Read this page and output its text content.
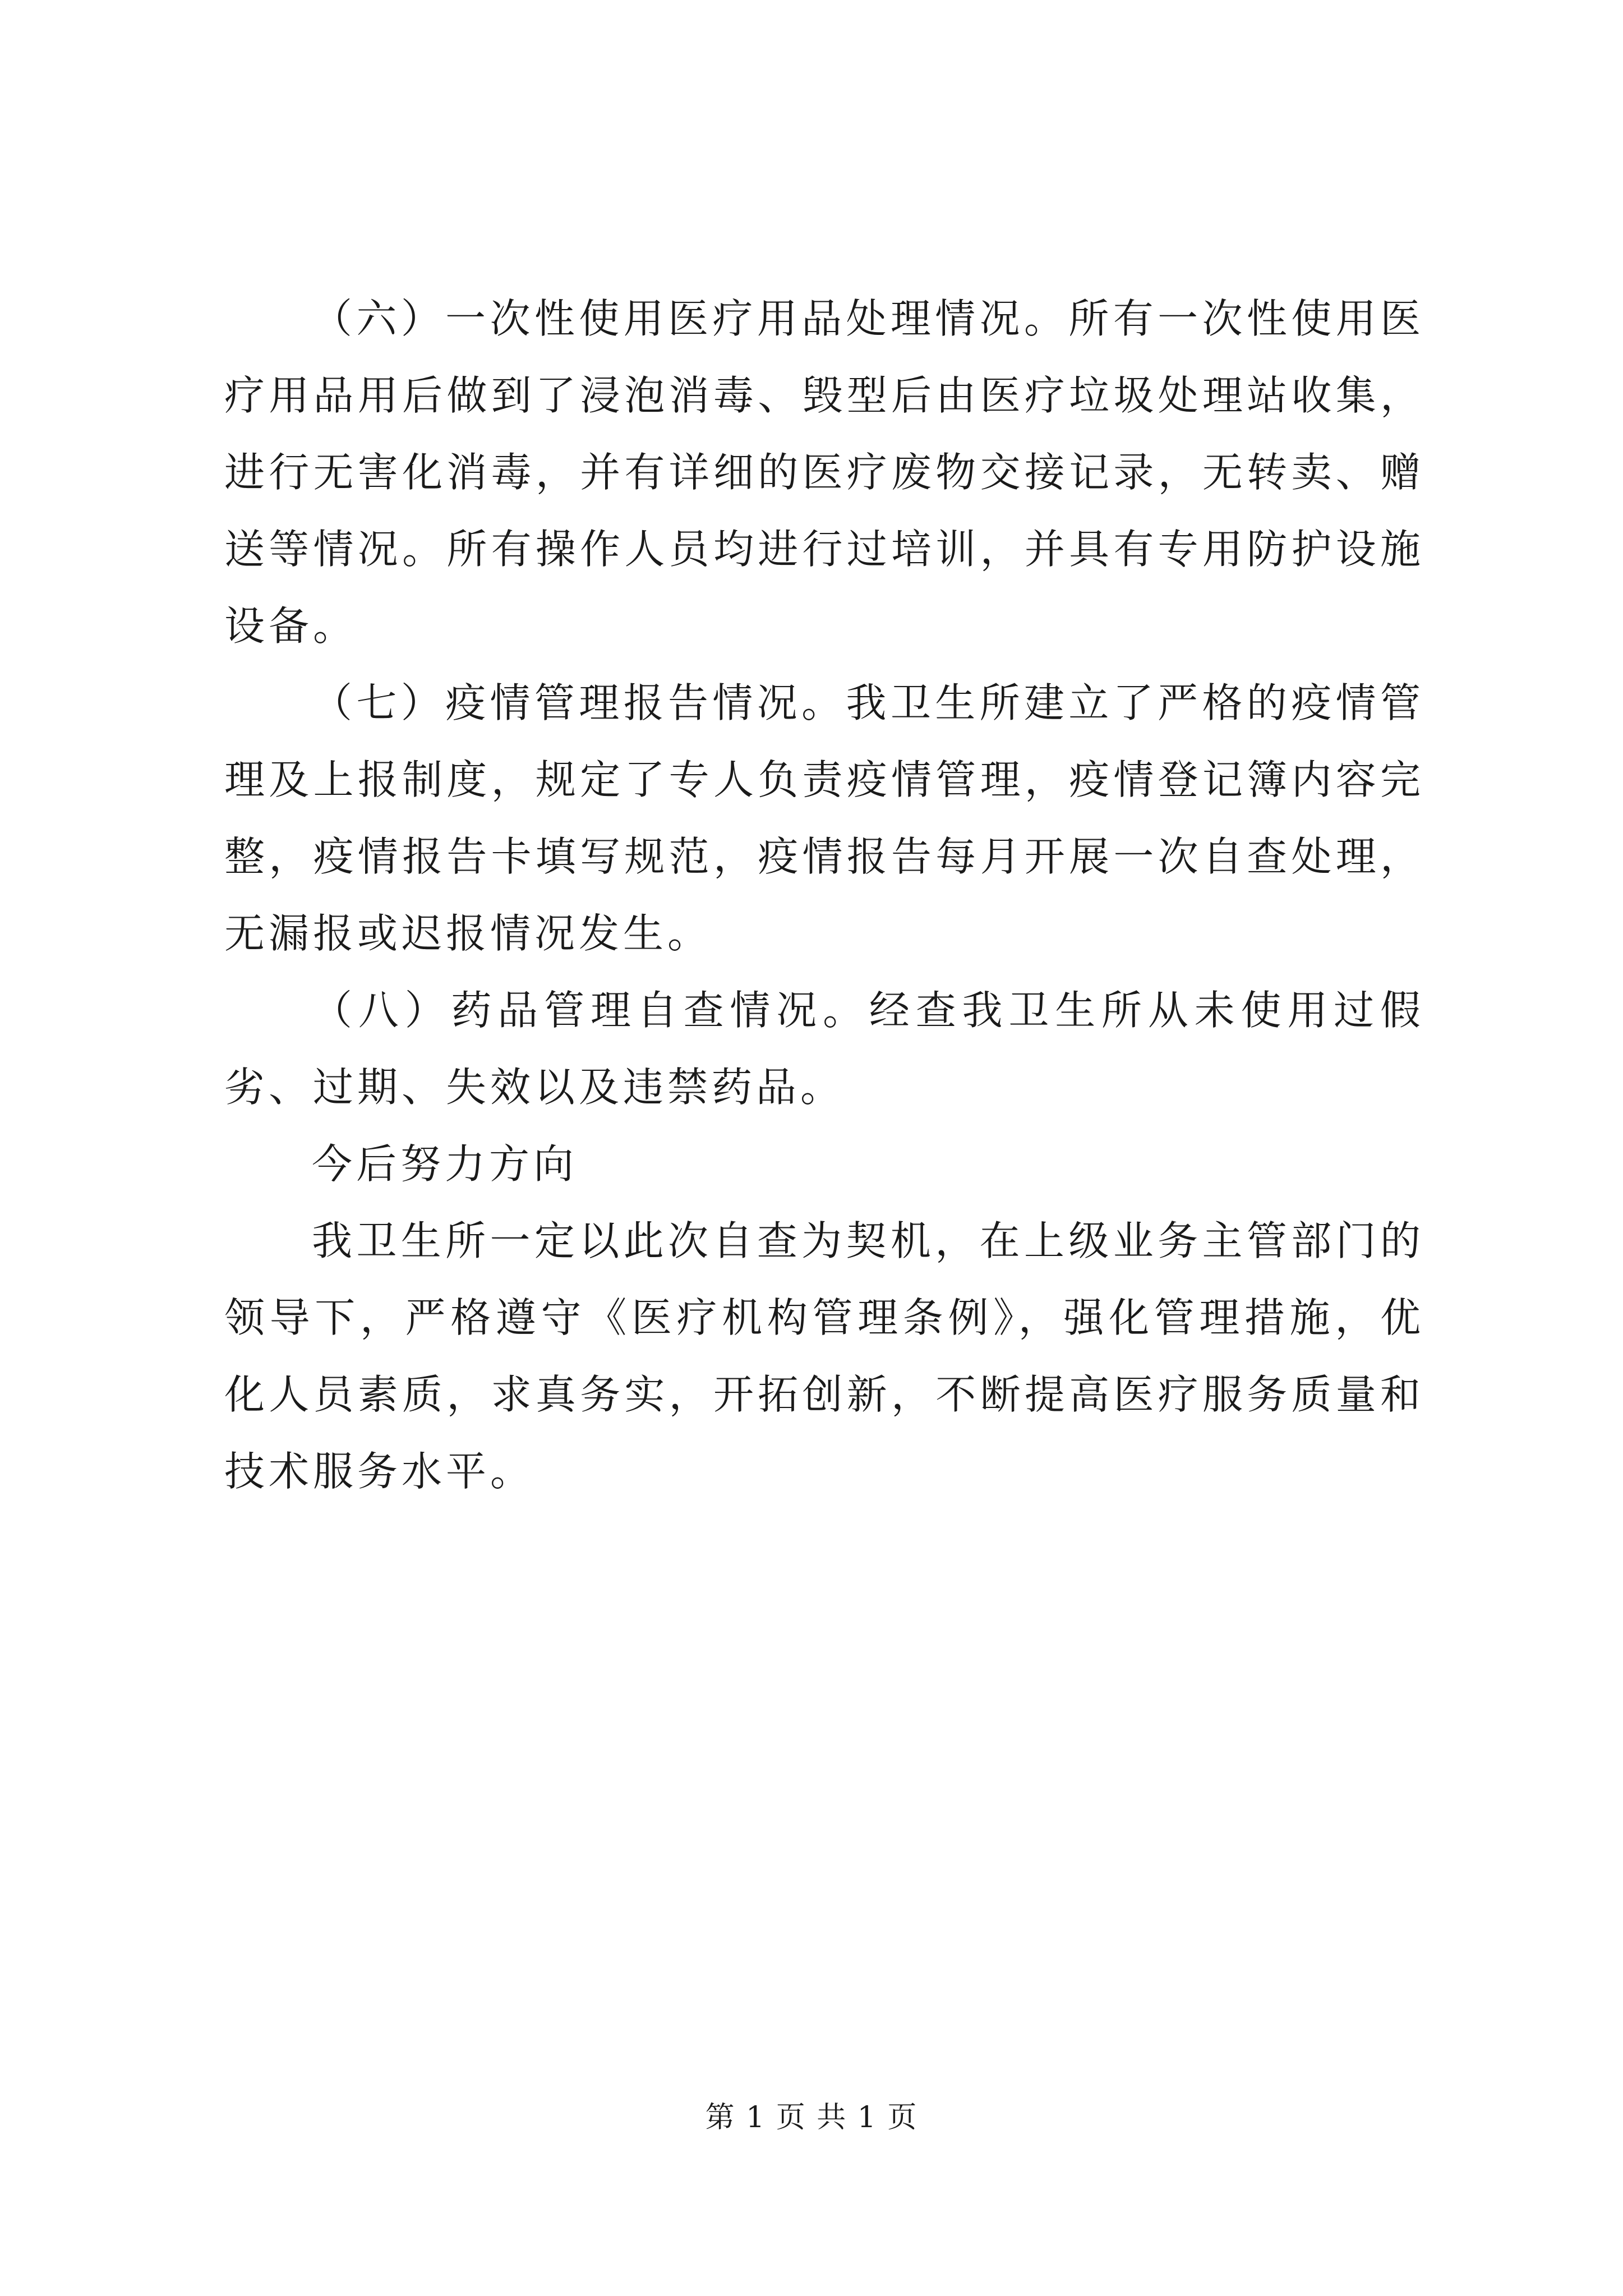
（六）一次性使用医疗用品处理情况。所有一次性使用医疗用品用后做到了浸泡消毒、毁型后由医疗垃圾处理站收集，进行无害化消毒，并有详细的医疗废物交接记录，无转卖、赠送等情况。所有操作人员均进行过培训，并具有专用防护设施设备。

（七）疫情管理报告情况。我卫生所建立了严格的疫情管理及上报制度，规定了专人负责疫情管理，疫情登记簿内容完整，疫情报告卡填写规范，疫情报告每月开展一次自查处理，无漏报或迟报情况发生。

（八）药品管理自查情况。经查我卫生所从未使用过假劣、过期、失效以及违禁药品。

今后努力方向

我卫生所一定以此次自查为契机，在上级业务主管部门的领导下，严格遵守《医疗机构管理条例》，强化管理措施，优化人员素质，求真务实，开拓创新，不断提高医疗服务质量和技术服务水平。

第 1 页 共 1 页
